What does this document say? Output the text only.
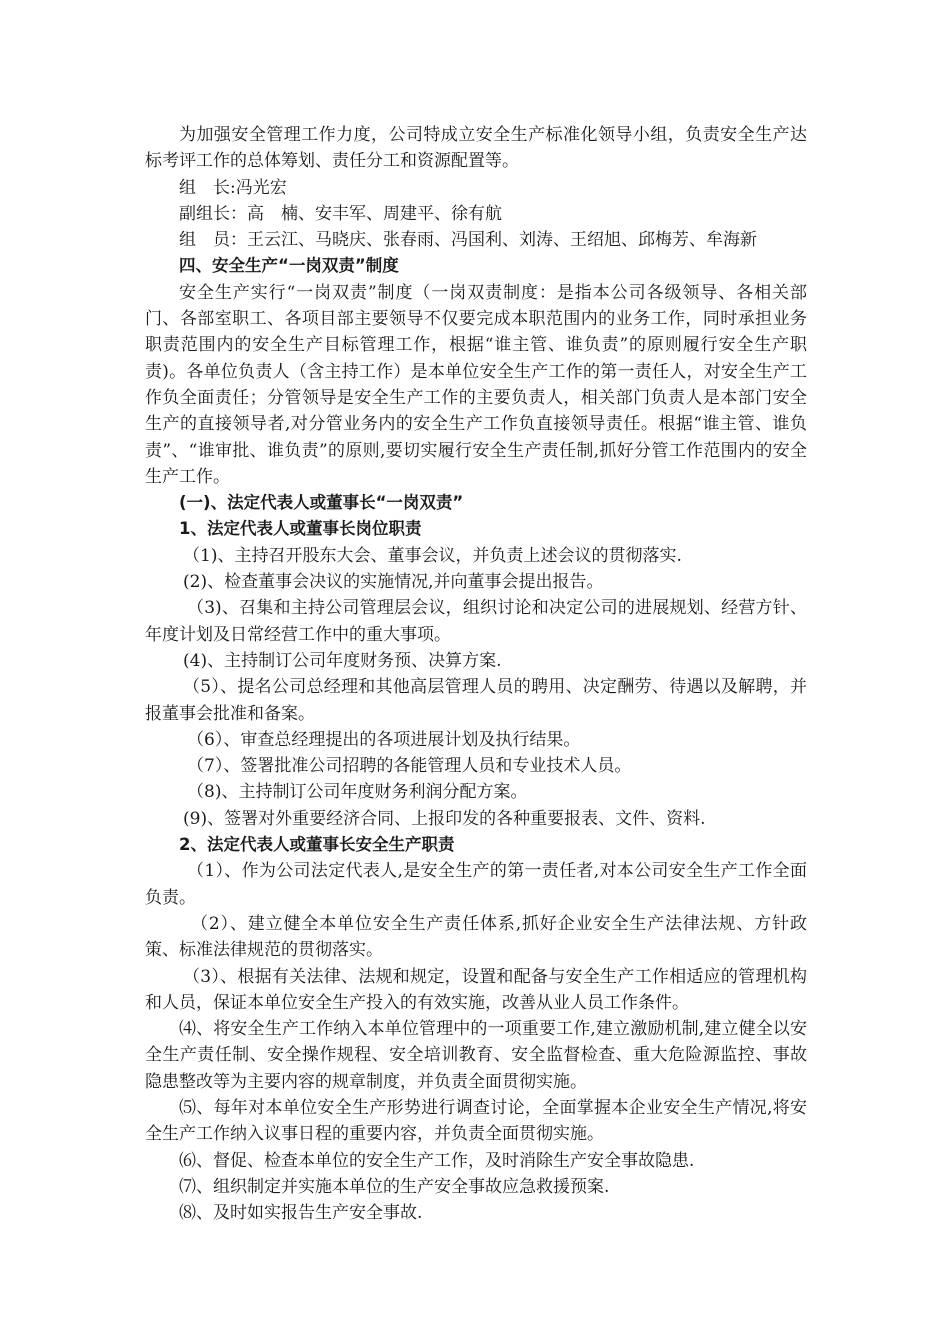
为加强安全管理工作力度，公司特成立安全生产标准化领导小组，负责安全生产达标考评工作的总体筹划、责任分工和资源配置等。

组　长:冯光宏

副组长：高　楠、安丰军、周建平、徐有航

组　员：王云江、马晓庆、张春雨、冯国利、刘涛、王绍旭、邱梅芳、牟海新

四、安全生产“一岗双责”制度

安全生产实行“一岗双责”制度（一岗双责制度：是指本公司各级领导、各相关部门、各部室职工、各项目部主要领导不仅要完成本职范围内的业务工作，同时承担业务职责范围内的安全生产目标管理工作，根据“谁主管、谁负责”的原则履行安全生产职责)。各单位负责人（含主持工作）是本单位安全生产工作的第一责任人，对安全生产工作负全面责任；分管领导是安全生产工作的主要负责人，相关部门负责人是本部门安全生产的直接领导者,对分管业务内的安全生产工作负直接领导责任。根据“谁主管、谁负责”、“谁审批、谁负责”的原则,要切实履行安全生产责任制,抓好分管工作范围内的安全生产工作。

(一)、法定代表人或董事长“一岗双责”

1、法定代表人或董事长岗位职责

（1)、主持召开股东大会、董事会议，并负责上述会议的贯彻落实.

(2)、检查董事会决议的实施情况,并向董事会提出报告。

（3)、召集和主持公司管理层会议，组织讨论和决定公司的进展规划、经营方针、年度计划及日常经营工作中的重大事项。

(4)、主持制订公司年度财务预、决算方案.

（5）、提名公司总经理和其他高层管理人员的聘用、决定酬劳、待遇以及解聘，并报董事会批准和备案。

（6）、审查总经理提出的各项进展计划及执行结果。

（7）、签署批准公司招聘的各能管理人员和专业技术人员。

（8)、主持制订公司年度财务利润分配方案。

(9)、签署对外重要经济合同、上报印发的各种重要报表、文件、资料.

2、法定代表人或董事长安全生产职责

（1）、作为公司法定代表人,是安全生产的第一责任者,对本公司安全生产工作全面负责。

（2）、建立健全本单位安全生产责任体系,抓好企业安全生产法律法规、方针政策、标准法律规范的贯彻落实。

（3）、根据有关法律、法规和规定，设置和配备与安全生产工作相适应的管理机构和人员，保证本单位安全生产投入的有效实施，改善从业人员工作条件。

⑷、将安全生产工作纳入本单位管理中的一项重要工作,建立激励机制,建立健全以安全生产责任制、安全操作规程、安全培训教育、安全监督检查、重大危险源监控、事故隐患整改等为主要内容的规章制度，并负责全面贯彻实施。

⑸、每年对本单位安全生产形势进行调查讨论，全面掌握本企业安全生产情况,将安全生产工作纳入议事日程的重要内容，并负责全面贯彻实施。

⑹、督促、检查本单位的安全生产工作，及时消除生产安全事故隐患.

⑺、组织制定并实施本单位的生产安全事故应急救援预案.

⑻、及时如实报告生产安全事故.
